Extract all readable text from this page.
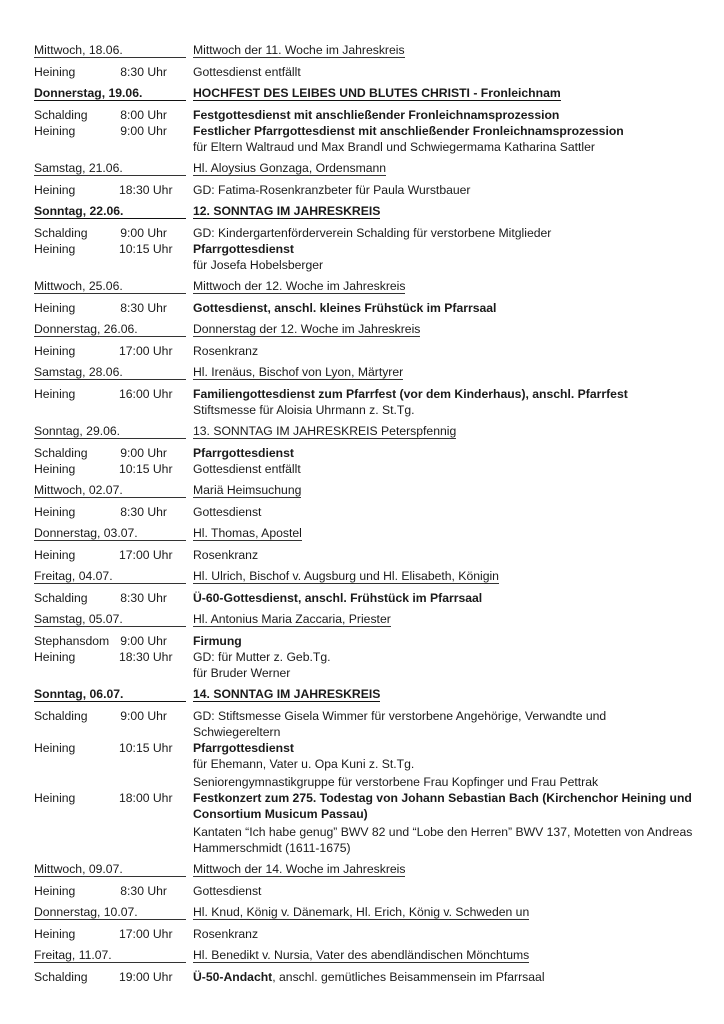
Mittwoch, 18.06.	Mittwoch der 11. Woche im Jahreskreis
Heining	8:30 Uhr Gottesdienst entfällt
Donnerstag, 19.06.	HOCHFEST DES LEIBES UND BLUTES CHRISTI - Fronleichnam
Schalding	8:00 Uhr Festgottesdienst mit anschließender Fronleichnamsprozession
Heining	9:00 Uhr Festlicher Pfarrgottesdienst mit anschließender Fronleichnamsprozession
für Eltern Waltraud und Max Brandl und Schwiegermama Katharina Sattler
Samstag, 21.06.	Hl. Aloysius Gonzaga, Ordensmann
Heining	18:30 Uhr GD: Fatima-Rosenkranzbeter für Paula Wurstbauer
Sonntag, 22.06.	12. SONNTAG IM JAHRESKREIS
Schalding	9:00 Uhr GD: Kindergartenförderverein Schalding für verstorbene Mitglieder
Heining	10:15 Uhr Pfarrgottesdienst
für Josefa Hobelsberger
Mittwoch, 25.06.	Mittwoch der 12. Woche im Jahreskreis
Heining	8:30 Uhr Gottesdienst, anschl. kleines Frühstück im Pfarrsaal
Donnerstag, 26.06.	Donnerstag der 12. Woche im Jahreskreis
Heining	17:00 Uhr Rosenkranz
Samstag, 28.06.	Hl. Irenäus, Bischof von Lyon, Märtyrer
Heining	16:00 Uhr Familiengottesdienst zum Pfarrfest (vor dem Kinderhaus), anschl. Pfarrfest
Stiftsmesse für Aloisia Uhrmann z. St.Tg.
Sonntag, 29.06.	13. SONNTAG IM JAHRESKREIS Peterspfennig
Schalding	9:00 Uhr Pfarrgottesdienst
Heining	10:15 Uhr Gottesdienst entfällt
Mittwoch, 02.07.	Mariä Heimsuchung
Heining	8:30 Uhr Gottesdienst
Donnerstag, 03.07.	Hl. Thomas, Apostel
Heining	17:00 Uhr Rosenkranz
Freitag, 04.07.	Hl. Ulrich, Bischof v. Augsburg und Hl. Elisabeth, Königin
Schalding	8:30 Uhr Ü-60-Gottesdienst, anschl. Frühstück im Pfarrsaal
Samstag, 05.07.	Hl. Antonius Maria Zaccaria, Priester
Stephansdom 9:00 Uhr Firmung
Heining	18:30 Uhr GD: für Mutter z. Geb.Tg.
für Bruder Werner
Sonntag, 06.07.	14. SONNTAG IM JAHRESKREIS
Schalding	9:00 Uhr GD: Stiftsmesse Gisela Wimmer für verstorbene Angehörige, Verwandte und Schwiegereltern
Heining	10:15 Uhr Pfarrgottesdienst
für Ehemann, Vater u. Opa Kuni z. St.Tg.
Seniorengymnastikgruppe für verstorbene Frau Kopfinger und Frau Pettrak
Heining	18:00 Uhr Festkonzert zum 275. Todestag von Johann Sebastian Bach (Kirchenchor Heining und Consortium Musicum Passau)
Kantaten “Ich habe genug” BWV 82 und “Lobe den Herren” BWV 137, Motetten von Andreas Hammerschmidt (1611-1675)
Mittwoch, 09.07.	Mittwoch der 14. Woche im Jahreskreis
Heining	8:30 Uhr Gottesdienst
Donnerstag, 10.07.	Hl. Knud, König v. Dänemark, Hl. Erich, König v. Schweden un
Heining	17:00 Uhr Rosenkranz
Freitag, 11.07.	Hl. Benedikt v. Nursia, Vater des abendländischen Mönchtums
Schalding	19:00 Uhr Ü-50-Andacht, anschl. gemütliches Beisammensein im Pfarrsaal
